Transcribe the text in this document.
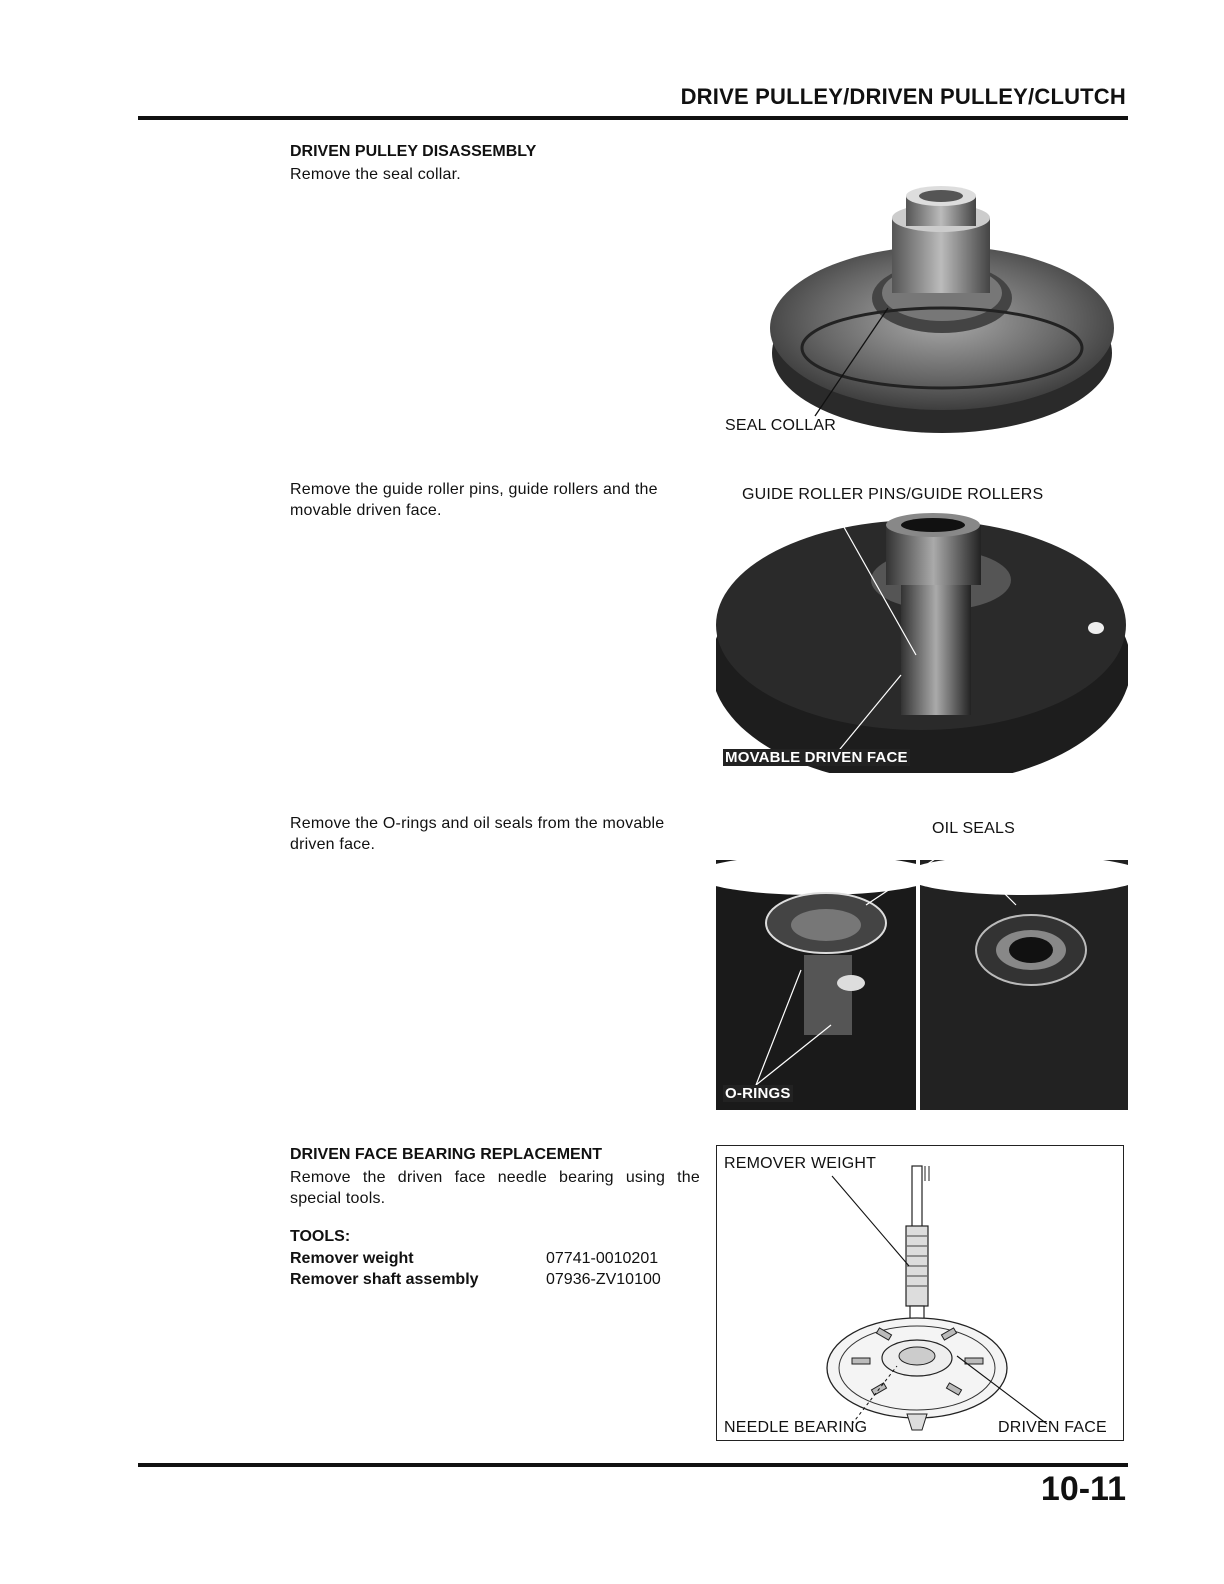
DRIVE PULLEY/DRIVEN PULLEY/CLUTCH
DRIVEN PULLEY DISASSEMBLY
Remove the seal collar.
SEAL COLLAR
Remove the guide roller pins, guide rollers and the movable driven face.
GUIDE ROLLER PINS/GUIDE ROLLERS
MOVABLE DRIVEN FACE
Remove the O-rings and oil seals from the movable driven face.
OIL SEALS
O-RINGS
DRIVEN FACE BEARING REPLACEMENT
Remove the driven face needle bearing using the special tools.
TOOLS:
Remover weight	07741-0010201
Remover shaft assembly	07936-ZV10100
REMOVER WEIGHT
NEEDLE BEARING	DRIVEN FACE
10-11
